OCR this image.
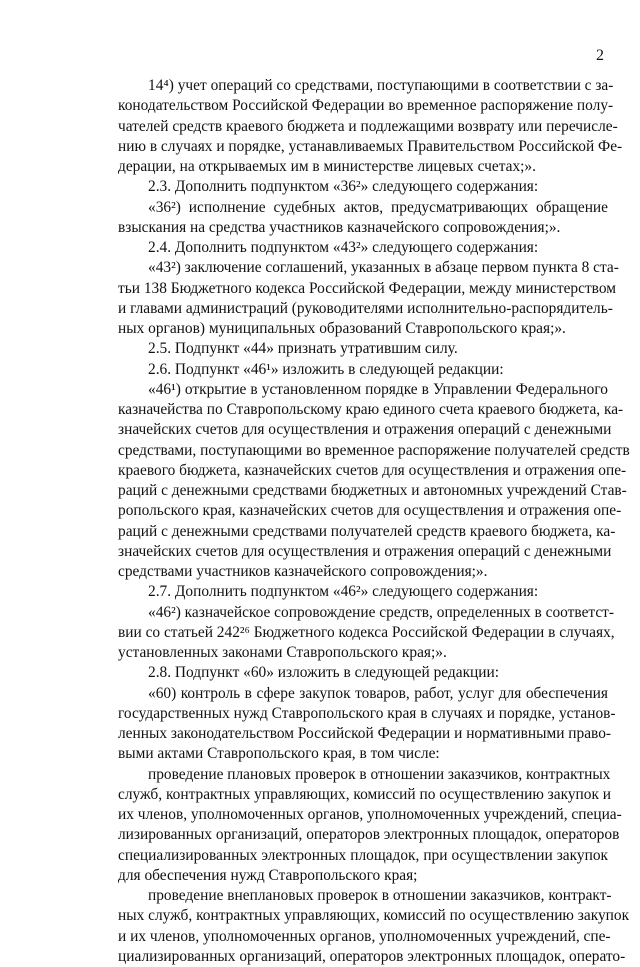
2
14⁴) учет операций со средствами, поступающими в соответствии с за-
конодательством Российской Федерации во временное распоряжение полу-
чателей средств краевого бюджета и подлежащими возврату или перечисле-
нию в случаях и порядке, устанавливаемых Правительством Российской Фе-
дерации, на открываемых им в министерстве лицевых счетах;».
2.3. Дополнить подпунктом «36²» следующего содержания:
«36²) исполнение судебных актов, предусматривающих обращение
взыскания на средства участников казначейского сопровождения;».
2.4. Дополнить подпунктом «43²» следующего содержания:
«43²) заключение соглашений, указанных в абзаце первом пункта 8 ста-
тьи 138 Бюджетного кодекса Российской Федерации, между министерством
и главами администраций (руководителями исполнительно-распорядитель-
ных органов) муниципальных образований Ставропольского края;».
2.5. Подпункт «44» признать утратившим силу.
2.6. Подпункт «46¹» изложить в следующей редакции:
«46¹) открытие в установленном порядке в Управлении Федерального
казначейства по Ставропольскому краю единого счета краевого бюджета, ка-
значейских счетов для осуществления и отражения операций с денежными
средствами, поступающими во временное распоряжение получателей средств
краевого бюджета, казначейских счетов для осуществления и отражения опе-
раций с денежными средствами бюджетных и автономных учреждений Став-
ропольского края, казначейских счетов для осуществления и отражения опе-
раций с денежными средствами получателей средств краевого бюджета, ка-
значейских счетов для осуществления и отражения операций с денежными
средствами участников казначейского сопровождения;».
2.7. Дополнить подпунктом «46²» следующего содержания:
«46²) казначейское сопровождение средств, определенных в соответст-
вии со статьей 242²⁶ Бюджетного кодекса Российской Федерации в случаях,
установленных законами Ставропольского края;».
2.8. Подпункт «60» изложить в следующей редакции:
«60) контроль в сфере закупок товаров, работ, услуг для обеспечения
государственных нужд Ставропольского края в случаях и порядке, установ-
ленных законодательством Российской Федерации и нормативными право-
выми актами Ставропольского края, в том числе:
проведение плановых проверок в отношении заказчиков, контрактных
служб, контрактных управляющих, комиссий по осуществлению закупок и
их членов, уполномоченных органов, уполномоченных учреждений, специа-
лизированных организаций, операторов электронных площадок, операторов
специализированных электронных площадок, при осуществлении закупок
для обеспечения нужд Ставропольского края;
проведение внеплановых проверок в отношении заказчиков, контракт-
ных служб, контрактных управляющих, комиссий по осуществлению закупок
и их членов, уполномоченных органов, уполномоченных учреждений, спе-
циализированных организаций, операторов электронных площадок, операто-
